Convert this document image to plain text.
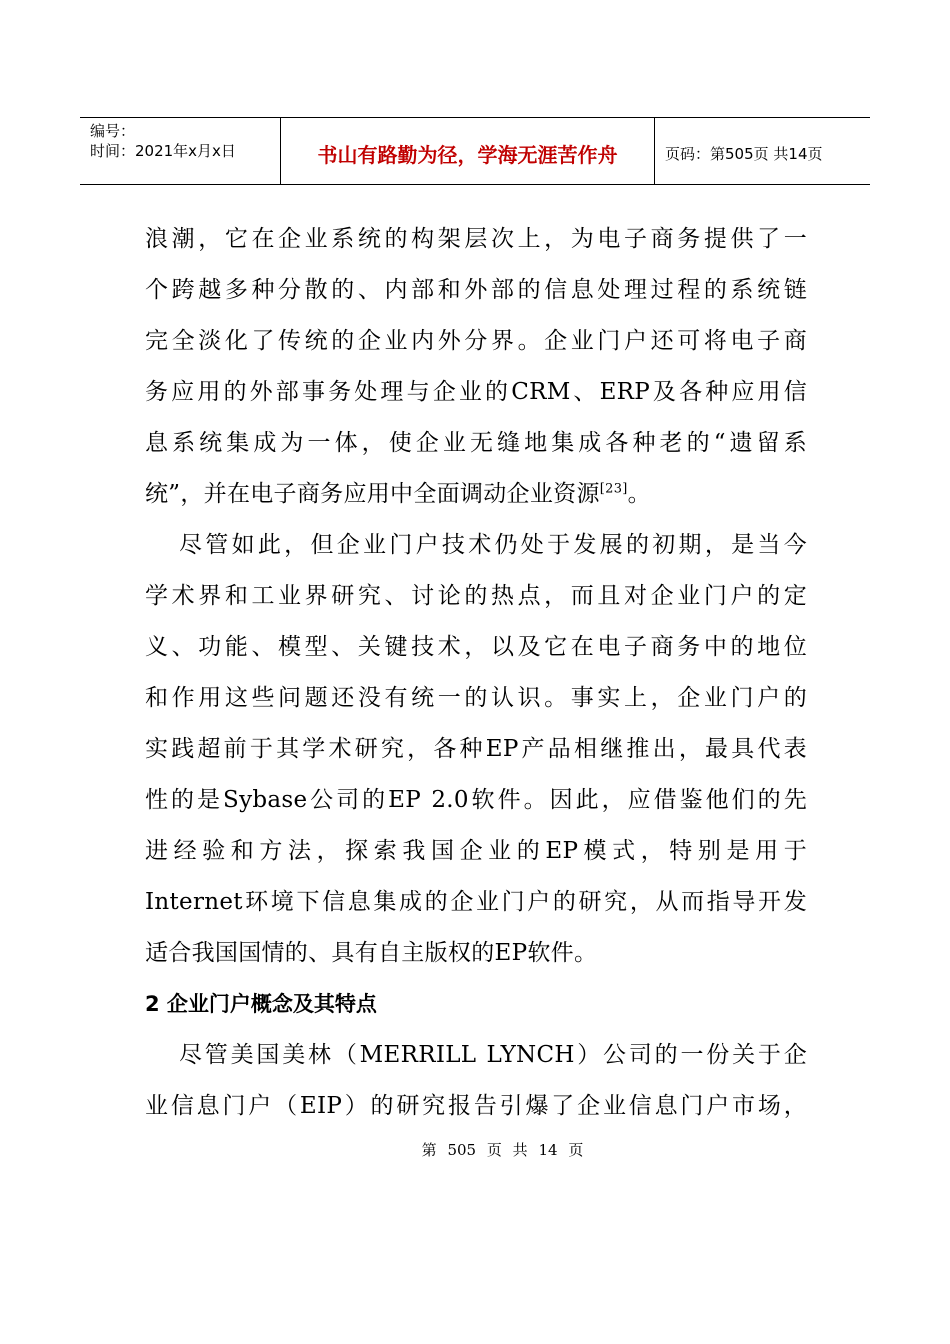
编号：
时间：2021年x月x日	书山有路勤为径，学海无涯苦作舟	页码：第505页 共14页
浪潮，它在企业系统的构架层次上，为电子商务提供了一
个跨越多种分散的、内部和外部的信息处理过程的系统链
完全淡化了传统的企业内外分界。企业门户还可将电子商
务应用的外部事务处理与企业的CRM、ERP及各种应用信
息系统集成为一体，使企业无缝地集成各种老的“遗留系
统”，并在电子商务应用中全面调动企业资源[23]。
尽管如此，但企业门户技术仍处于发展的初期，是当今
学术界和工业界研究、讨论的热点，而且对企业门户的定
义、功能、模型、关键技术，以及它在电子商务中的地位
和作用这些问题还没有统一的认识。事实上，企业门户的
实践超前于其学术研究，各种EP产品相继推出，最具代表
性的是Sybase公司的EP 2.0软件。因此，应借鉴他们的先
进经验和方法，探索我国企业的EP模式，特别是用于
Internet环境下信息集成的企业门户的研究，从而指导开发
适合我国国情的、具有自主版权的EP软件。
2 企业门户概念及其特点
尽管美国美林（MERRILL LYNCH）公司的一份关于企
业信息门户（EIP）的研究报告引爆了企业信息门户市场，
第 505 页 共 14 页
